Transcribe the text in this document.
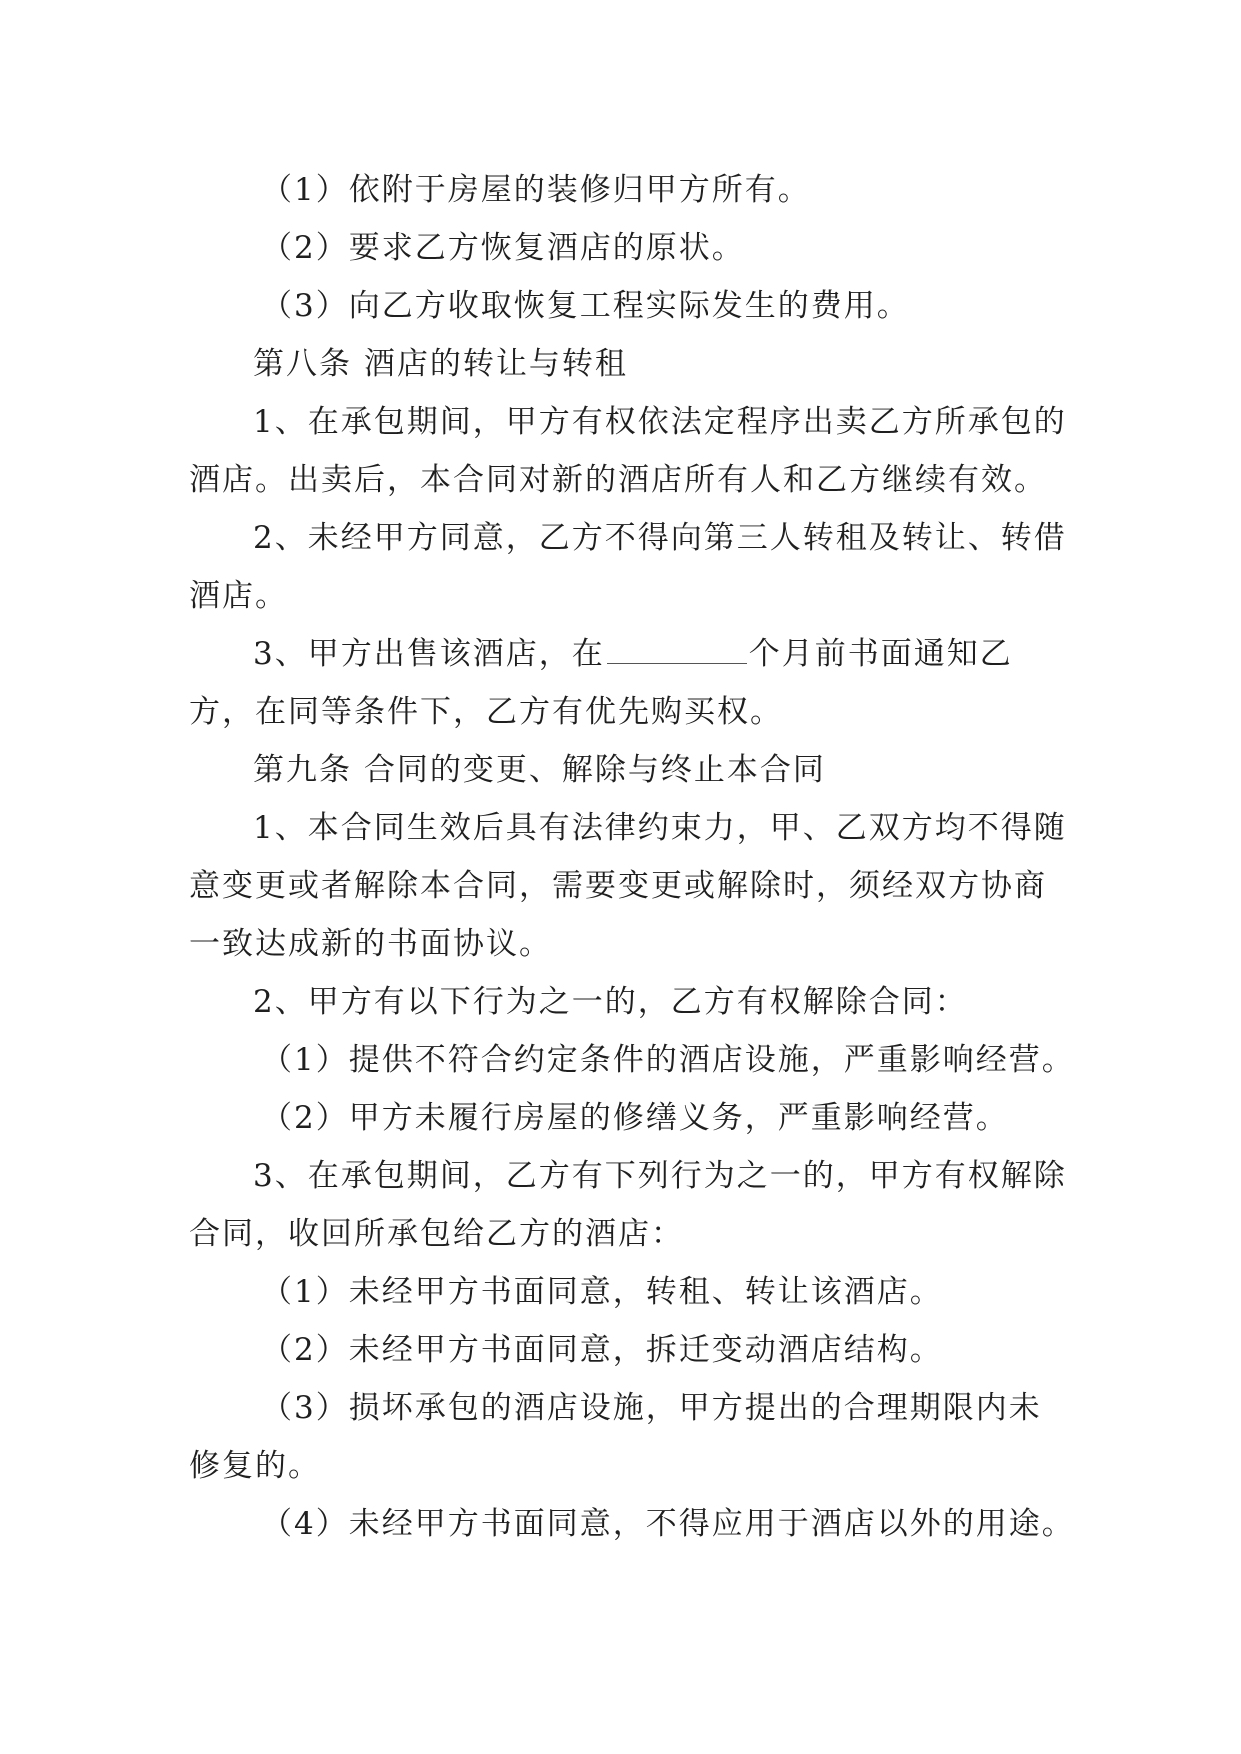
（1）依附于房屋的装修归甲方所有。

（2）要求乙方恢复酒店的原状。

（3）向乙方收取恢复工程实际发生的费用。

第八条 酒店的转让与转租

1、在承包期间，甲方有权依法定程序出卖乙方所承包的酒店。出卖后，本合同对新的酒店所有人和乙方继续有效。

2、未经甲方同意，乙方不得向第三人转租及转让、转借酒店。

3、甲方出售该酒店，在	个月前书面通知乙方，在同等条件下，乙方有优先购买权。

第九条 合同的变更、解除与终止本合同

1、本合同生效后具有法律约束力，甲、乙双方均不得随意变更或者解除本合同，需要变更或解除时，须经双方协商一致达成新的书面协议。

2、甲方有以下行为之一的，乙方有权解除合同：

（1）提供不符合约定条件的酒店设施，严重影响经营。

（2）甲方未履行房屋的修缮义务，严重影响经营。

3、在承包期间，乙方有下列行为之一的，甲方有权解除合同，收回所承包给乙方的酒店：

（1）未经甲方书面同意，转租、转让该酒店。

（2）未经甲方书面同意，拆迁变动酒店结构。

（3）损坏承包的酒店设施，甲方提出的合理期限内未修复的。

（4）未经甲方书面同意，不得应用于酒店以外的用途。
